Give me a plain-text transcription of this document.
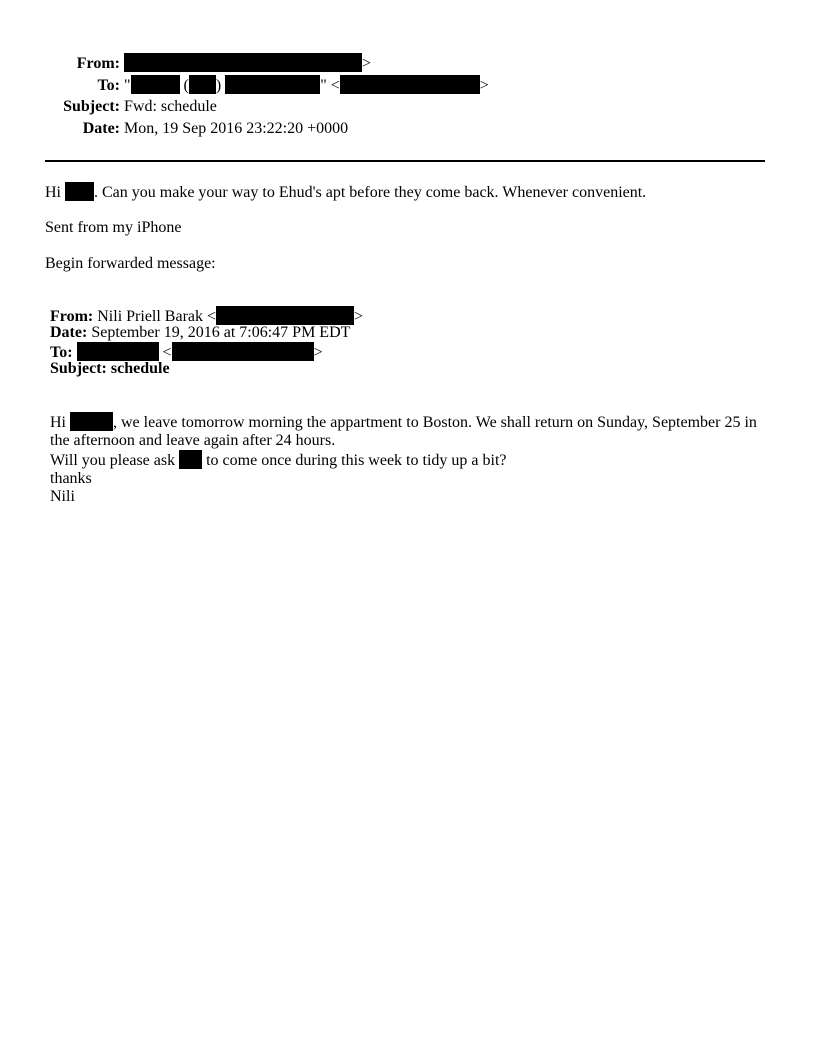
From:	>
To: "	( )	" <	>
Subject: Fwd: schedule
Date: Mon, 19 Sep 2016 23:22:20 +0000
Hi . Can you make your way to Ehud's apt before they come back. Whenever convenient.
Sent from my iPhone
Begin forwarded message:
From: Nili Priell Barak <	>
Date: September 19, 2016 at 7:06:47 PM EDT
To:	<	>
Subject: schedule
Hi	, we leave tomorrow morning the appartment to Boston. We shall return on Sunday, September 25 in
the afternoon and leave again after 24 hours.
Will you please ask to come once during this week to tidy up a bit?
thanks
Nili
